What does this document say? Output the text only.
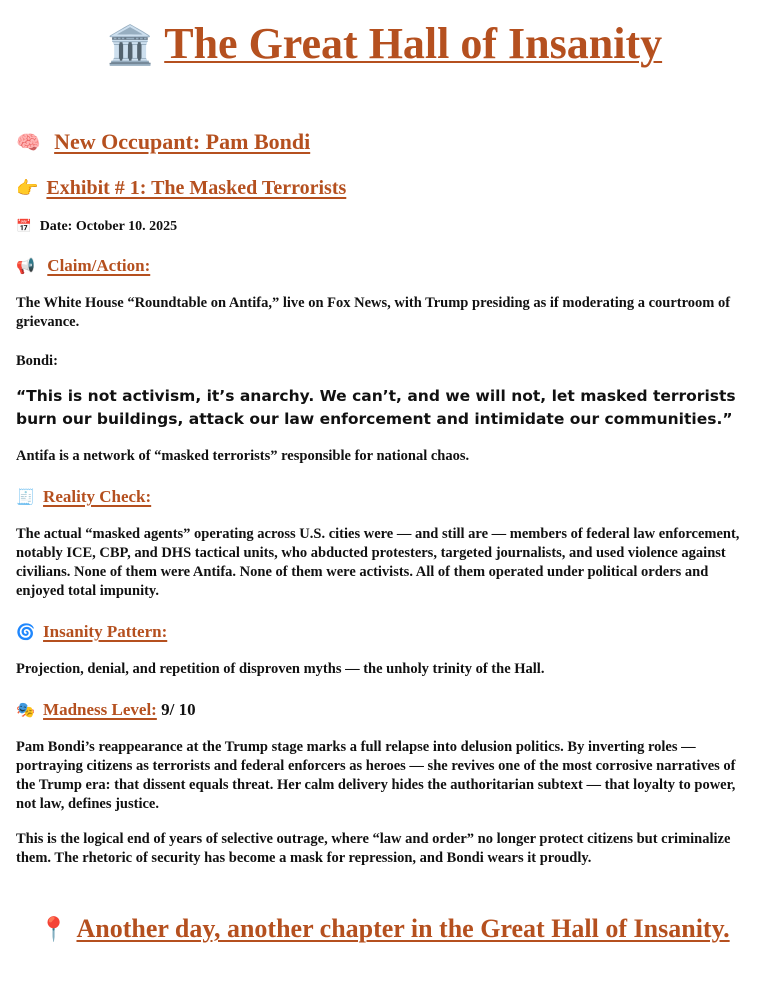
🏛️ The Great Hall of Insanity
🧠 New Occupant: Pam Bondi
👉 Exhibit # 1: The Masked Terrorists
📅 Date: October 10. 2025
📢 Claim/Action:

The White House “Roundtable on Antifa,” live on Fox News, with Trump presiding as if moderating a courtroom of grievance.

Bondi:

“This is not activism, it’s anarchy. We can’t, and we will not, let masked terrorists burn our buildings, attack our law enforcement and intimidate our communities.”

Antifa is a network of “masked terrorists” responsible for national chaos.

🧾 Reality Check:

The actual “masked agents” operating across U.S. cities were — and still are — members of federal law enforcement, notably ICE, CBP, and DHS tactical units, who abducted protesters, targeted journalists, and used violence against civilians. None of them were Antifa. None of them were activists. All of them operated under political orders and enjoyed total impunity.

🌀 Insanity Pattern:

Projection, denial, and repetition of disproven myths — the unholy trinity of the Hall.

🎭 Madness Level: 9/ 10

Pam Bondi’s reappearance at the Trump stage marks a full relapse into delusion politics. By inverting roles — portraying citizens as terrorists and federal enforcers as heroes — she revives one of the most corrosive narratives of the Trump era: that dissent equals threat. Her calm delivery hides the authoritarian subtext — that loyalty to power, not law, defines justice.

This is the logical end of years of selective outrage, where “law and order” no longer protect citizens but criminalize them. The rhetoric of security has become a mask for repression, and Bondi wears it proudly.

📍 Another day, another chapter in the Great Hall of Insanity.
